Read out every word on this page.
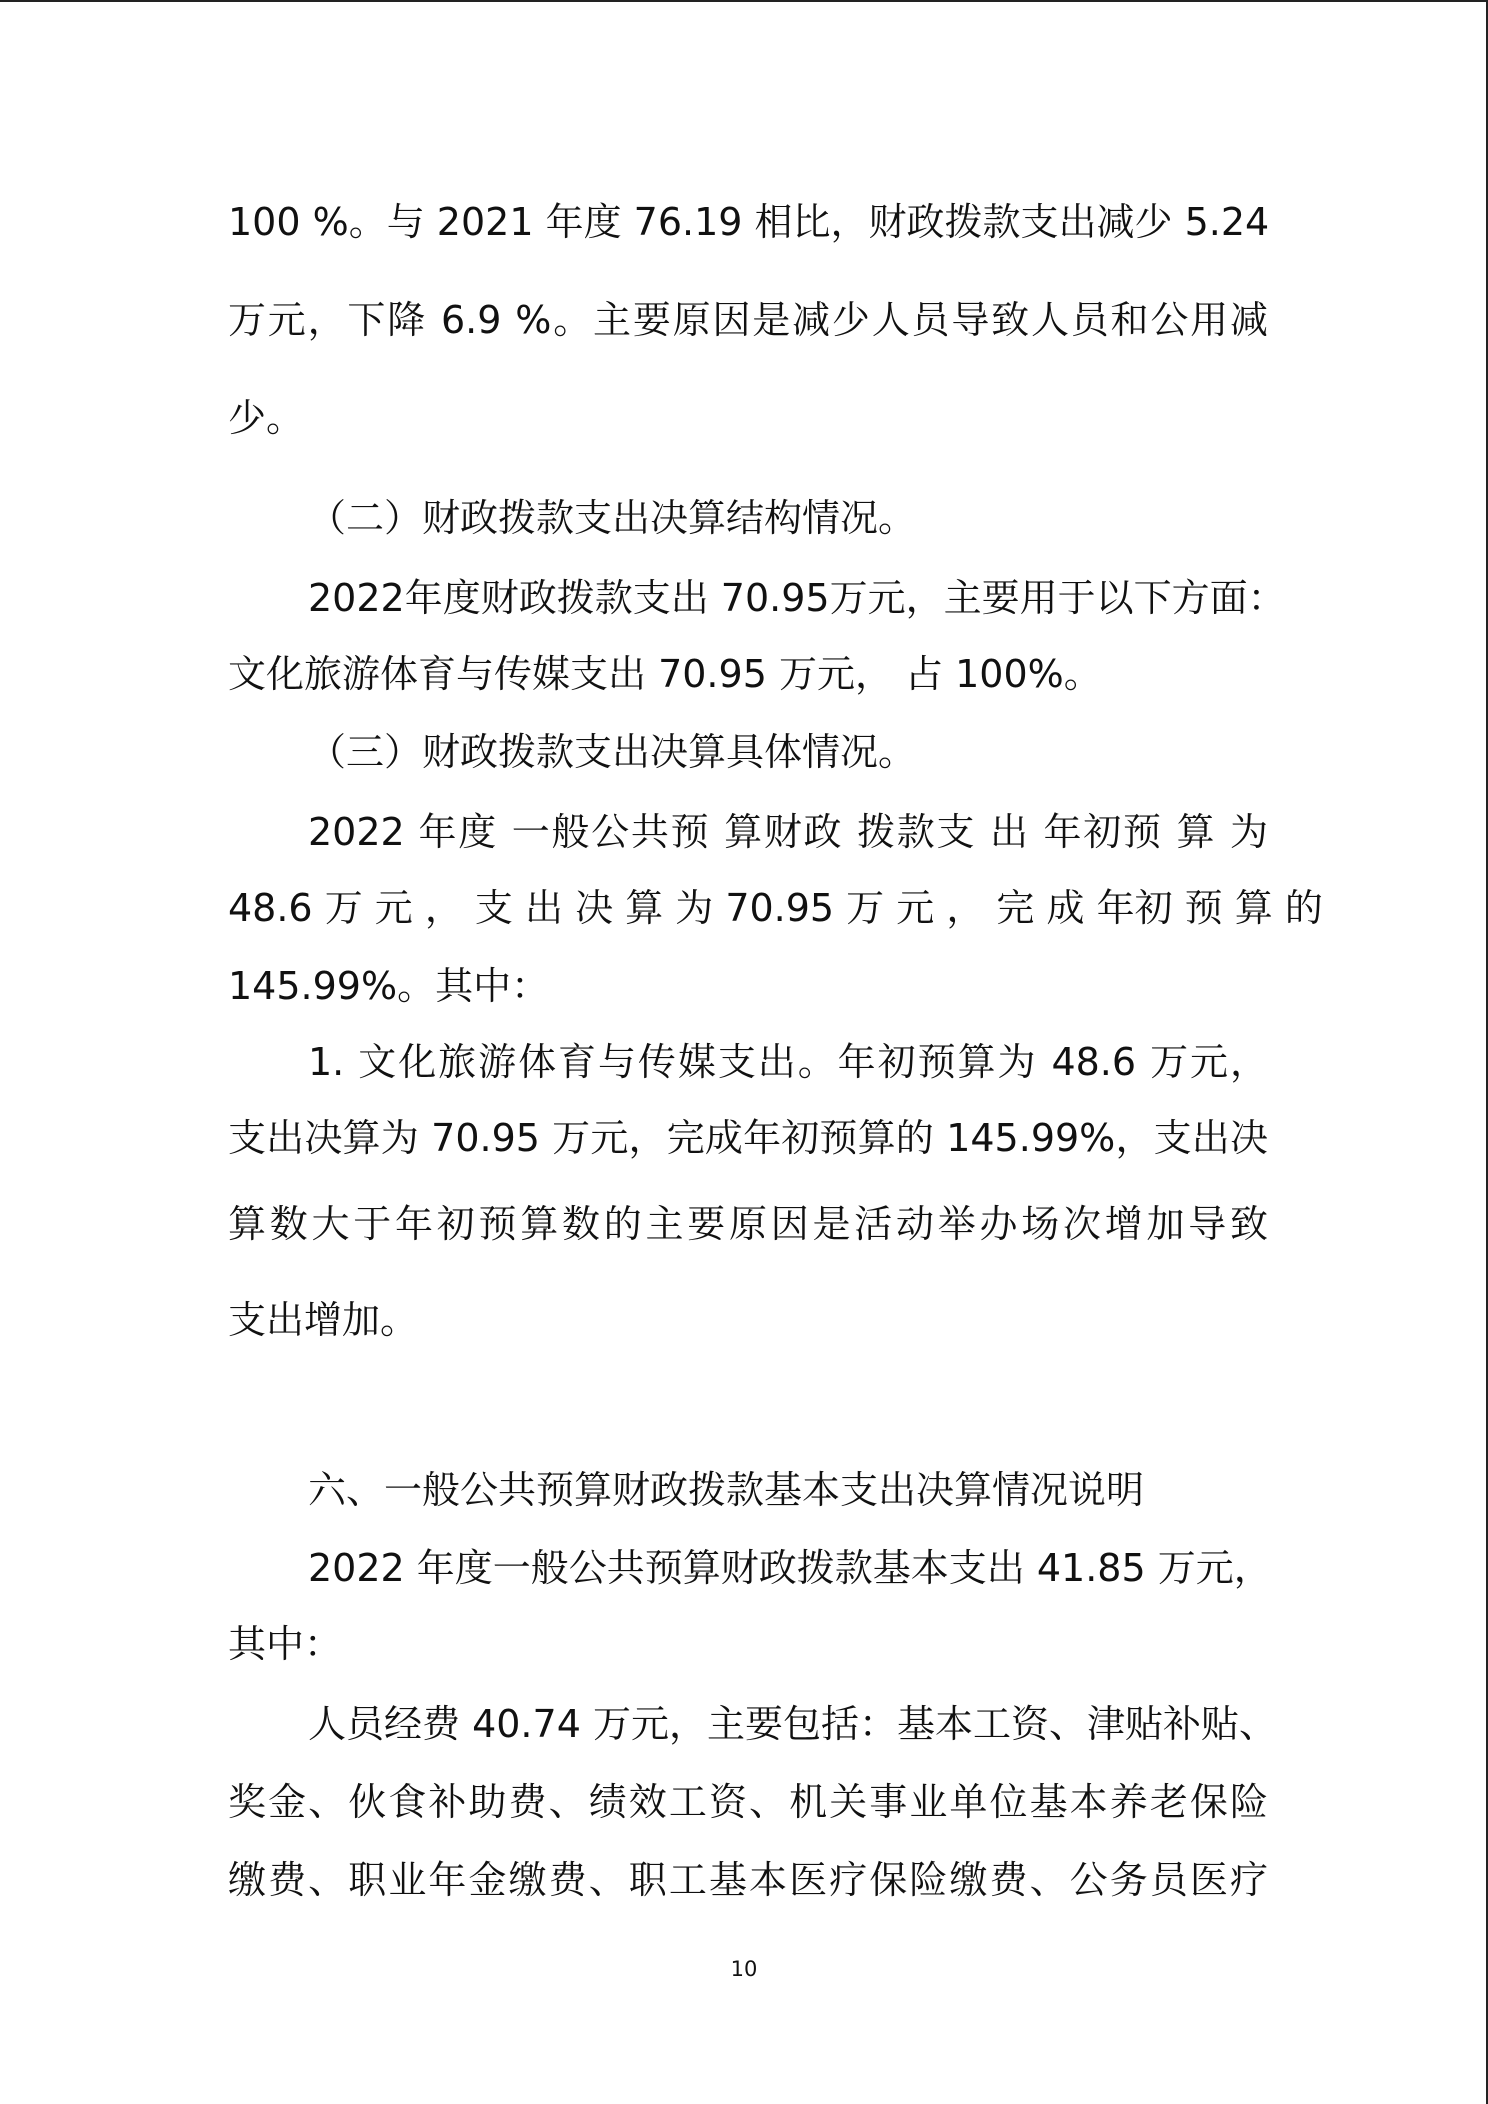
100 %。与 2021 年度 76.19 相比，财政拨款支出减少 5.24
万元，下降 6.9 %。主要原因是减少人员导致人员和公用减
少。
（二）财政拨款支出决算结构情况。
2022年度财政拨款支出 70.95万元，主要用于以下方面：
文化旅游体育与传媒支出 70.95 万元， 占 100%。
（三）财政拨款支出决算具体情况。
2022 年度 一般公共预 算财政 拨款支 出 年初预 算 为
48.6 万 元 ， 支 出 决 算 为 70.95 万 元 ， 完 成 年初 预 算 的
145.99%。其中：
1. 文化旅游体育与传媒支出。年初预算为 48.6 万元，
支出决算为 70.95 万元，完成年初预算的 145.99%，支出决
算数大于年初预算数的主要原因是活动举办场次增加导致
支出增加。
六、一般公共预算财政拨款基本支出决算情况说明
2022 年度一般公共预算财政拨款基本支出 41.85 万元，
其中：
人员经费 40.74 万元，主要包括：基本工资、津贴补贴、
奖金、伙食补助费、绩效工资、机关事业单位基本养老保险
缴费、职业年金缴费、职工基本医疗保险缴费、公务员医疗
10
